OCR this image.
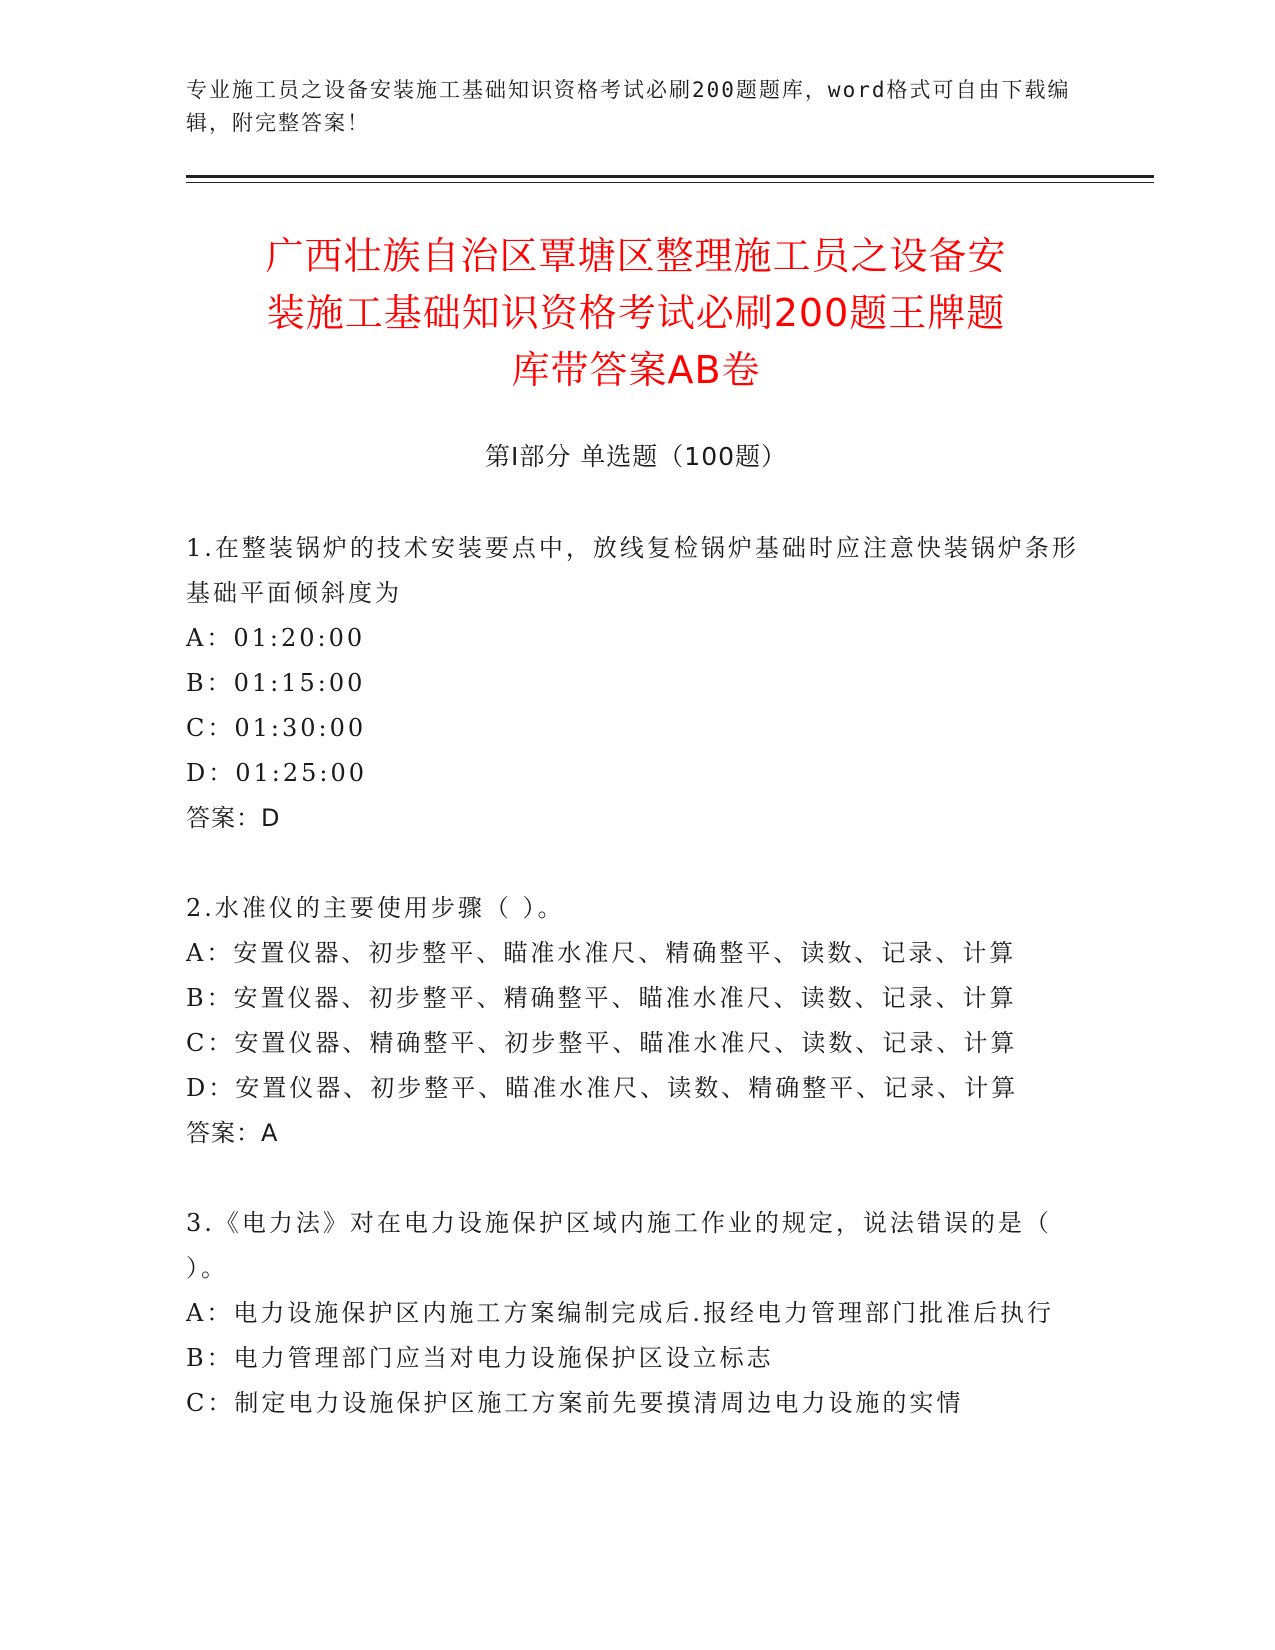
专业施工员之设备安装施工基础知识资格考试必刷200题题库，word格式可自由下载编辑，附完整答案！
广西壮族自治区覃塘区整理施工员之设备安
装施工基础知识资格考试必刷200题王牌题
库带答案AB卷
第Ⅰ部分 单选题（100题）

1.在整装锅炉的技术安装要点中，放线复检锅炉基础时应注意快装锅炉条形基础平面倾斜度为

A：01:20:00

B：01:15:00

C：01:30:00

D：01:25:00

答案：D

2.水准仪的主要使用步骤（ ）。

A：安置仪器、初步整平、瞄准水准尺、精确整平、读数、记录、计算

B：安置仪器、初步整平、精确整平、瞄准水准尺、读数、记录、计算

C：安置仪器、精确整平、初步整平、瞄准水准尺、读数、记录、计算

D：安置仪器、初步整平、瞄准水准尺、读数、精确整平、记录、计算

答案：A

3.《电力法》对在电力设施保护区域内施工作业的规定，说法错误的是（ ）。

A：电力设施保护区内施工方案编制完成后.报经电力管理部门批准后执行

B：电力管理部门应当对电力设施保护区设立标志

C：制定电力设施保护区施工方案前先要摸清周边电力设施的实情
